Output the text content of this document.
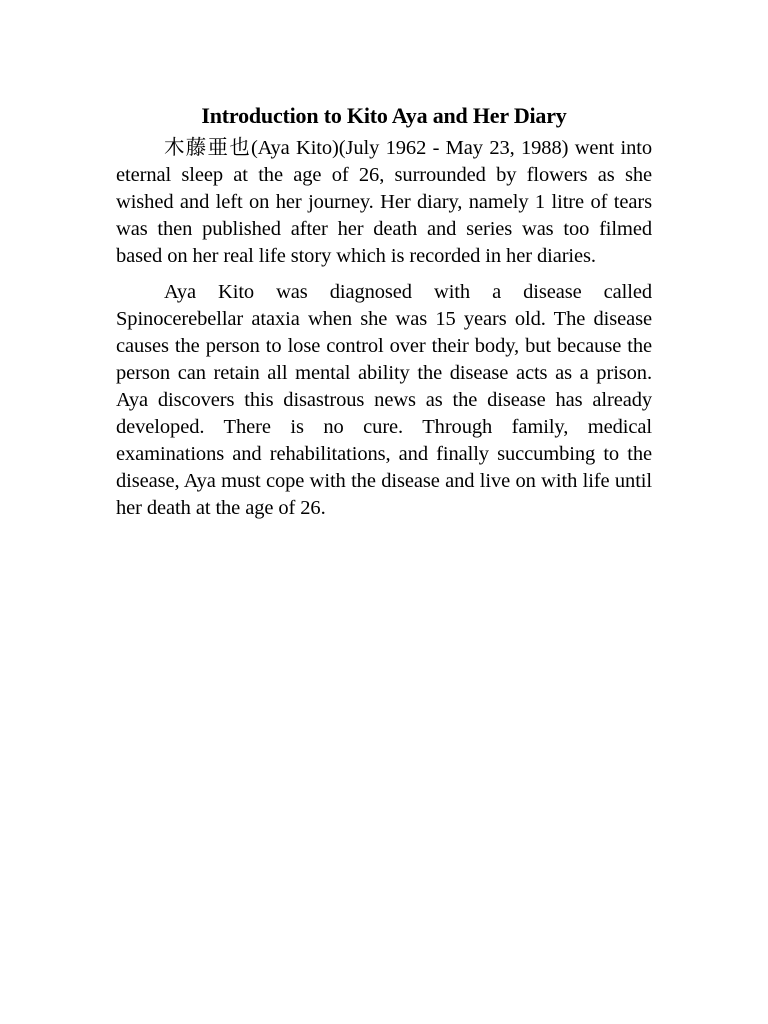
Introduction to Kito Aya and Her Diary

木藤亜也(Aya Kito)(July 1962 - May 23, 1988) went into eternal sleep at the age of 26, surrounded by flowers as she wished and left on her journey. Her diary, namely 1 litre of tears was then published after her death and series was too filmed based on her real life story which is recorded in her diaries.

Aya Kito was diagnosed with a disease called Spinocerebellar ataxia when she was 15 years old. The disease causes the person to lose control over their body, but because the person can retain all mental ability the disease acts as a prison. Aya discovers this disastrous news as the disease has already developed. There is no cure. Through family, medical examinations and rehabilitations, and finally succumbing to the disease, Aya must cope with the disease and live on with life until her death at the age of 26.
